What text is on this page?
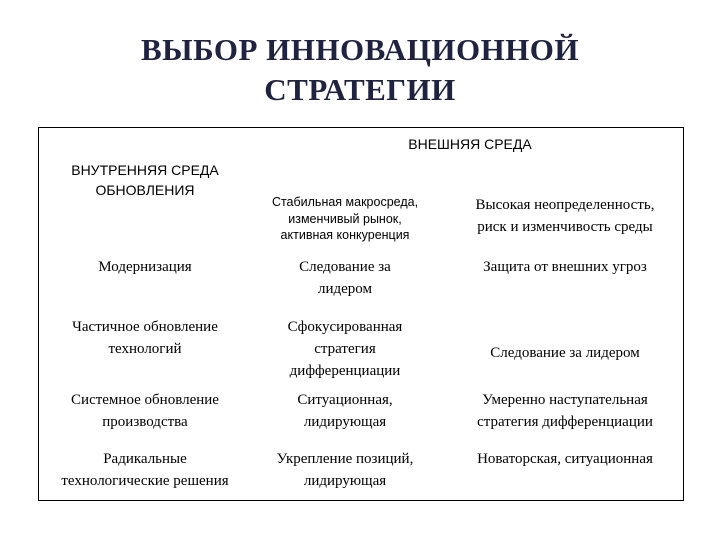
ВЫБОР ИННОВАЦИОННОЙ
СТРАТЕГИИ
ВНЕШНЯЯ СРЕДА
ВНУТРЕННЯЯ СРЕДА
ОБНОВЛЕНИЯ
Стабильная макросреда,
изменчивый рынок,
активная конкуренция
Высокая неопределенность,
риск и изменчивость среды
Модернизация	Следование за
лидером
Защита от внешних угроз
Частичное обновление
технологий
Сфокусированная
стратегия
дифференциации
Следование за лидером
Системное обновление
производства
Ситуационная,
лидирующая
Умеренно наступательная
стратегия дифференциации
Радикальные
технологические решения
Укрепление позиций,
лидирующая
Новаторская, ситуационная
